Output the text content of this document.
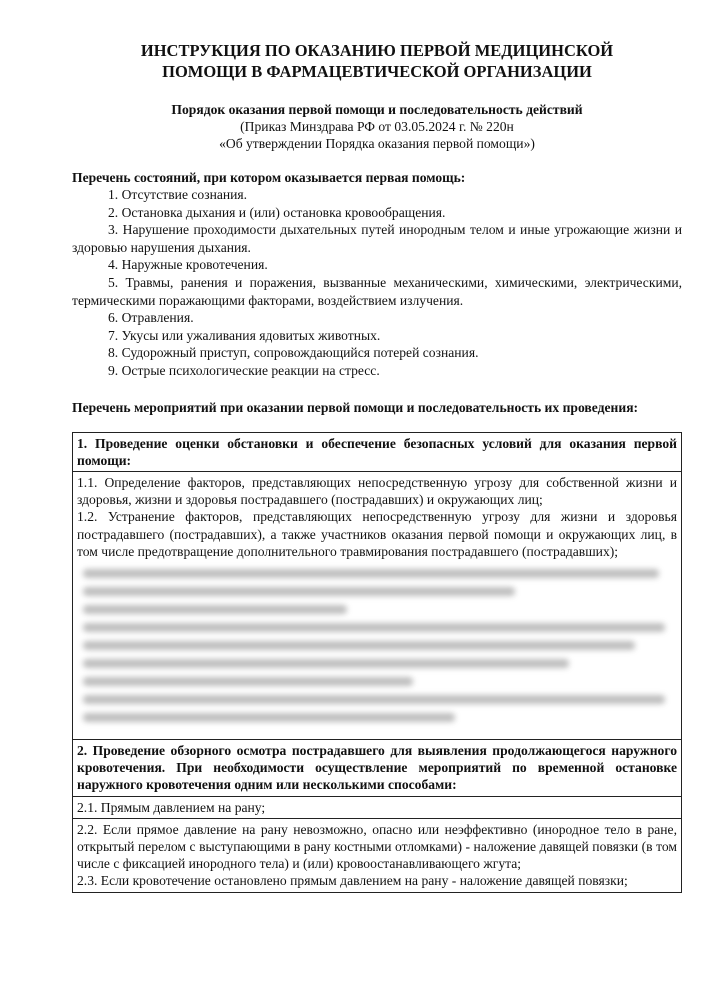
ИНСТРУКЦИЯ ПО ОКАЗАНИЮ ПЕРВОЙ МЕДИЦИНСКОЙ
ПОМОЩИ В ФАРМАЦЕВТИЧЕСКОЙ ОРГАНИЗАЦИИ
Порядок оказания первой помощи и последовательность действий
(Приказ Минздрава РФ от 03.05.2024 г. № 220н
«Об утверждении Порядка оказания первой помощи»)
Перечень состояний, при котором оказывается первая помощь:
1. Отсутствие сознания.
2. Остановка дыхания и (или) остановка кровообращения.
3. Нарушение проходимости дыхательных путей инородным телом и иные угрожающие жизни и здоровью нарушения дыхания.
4. Наружные кровотечения.
5. Травмы, ранения и поражения, вызванные механическими, химическими, электрическими, термическими поражающими факторами, воздействием излучения.
6. Отравления.
7. Укусы или ужаливания ядовитых животных.
8. Судорожный приступ, сопровождающийся потерей сознания.
9. Острые психологические реакции на стресс.
Перечень мероприятий при оказании первой помощи и последовательность их проведения:
1. Проведение оценки обстановки и обеспечение безопасных условий для оказания первой помощи:

1.1. Определение факторов, представляющих непосредственную угрозу для собственной жизни и здоровья, жизни и здоровья пострадавшего (пострадавших) и окружающих лиц;
1.2. Устранение факторов, представляющих непосредственную угрозу для жизни и здоровья пострадавшего (пострадавших), а также участников оказания первой помощи и окружающих лиц, в том числе предотвращение дополнительного травмирования пострадавшего (пострадавших);

2. Проведение обзорного осмотра пострадавшего для выявления продолжающегося наружного кровотечения. При необходимости осуществление мероприятий по временной остановке наружного кровотечения одним или несколькими способами:
2.1. Прямым давлением на рану;

2.2. Если прямое давление на рану невозможно, опасно или неэффективно (инородное тело в ране, открытый перелом с выступающими в рану костными отломками) - наложение давящей повязки (в том числе с фиксацией инородного тела) и (или) кровоостанавливающего жгута;
2.3. Если кровотечение остановлено прямым давлением на рану - наложение давящей повязки;
